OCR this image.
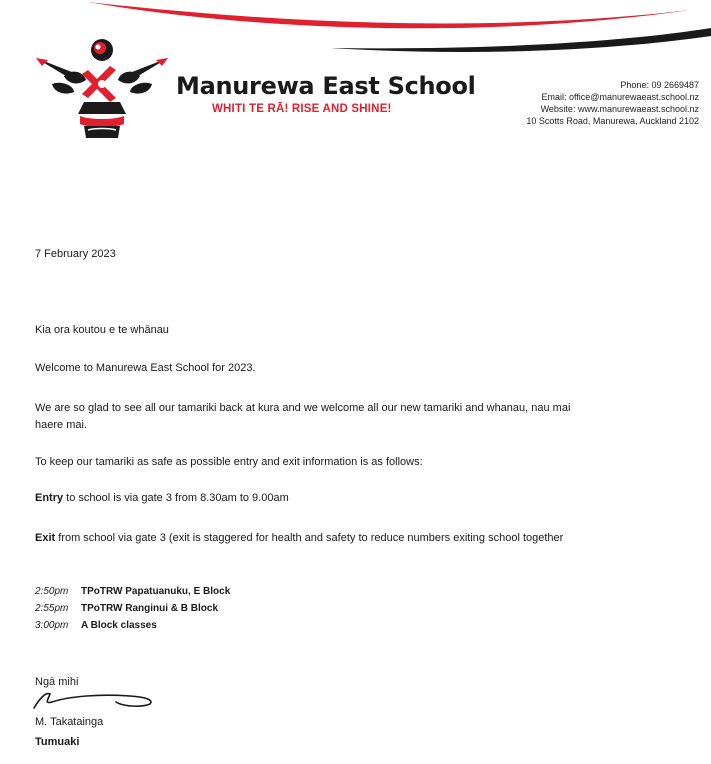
Manurewa East School
WHITI TE RĀ! RISE AND SHINE!
Phone: 09 2669487
Email: office@manurewaeast.school.nz
Website: www.manurewaeast.school.nz
10 Scotts Road, Manurewa, Auckland 2102
7 February 2023
Kia ora koutou e te whānau
Welcome to Manurewa East School for 2023.
We are so glad to see all our tamariki back at kura and we welcome all our new tamariki and whanau, nau mai haere mai.
To keep our tamariki as safe as possible entry and exit information is as follows:
Entry to school is via gate 3 from 8.30am to 9.00am
Exit from school via gate 3 (exit is staggered for health and safety to reduce numbers exiting school together
2:50pm TPoTRW Papatuanuku, E Block
2:55pm TPoTRW Ranginui & B Block
3:00pm A Block classes
Ngā mihi
M. Takatainga
Tumuaki
